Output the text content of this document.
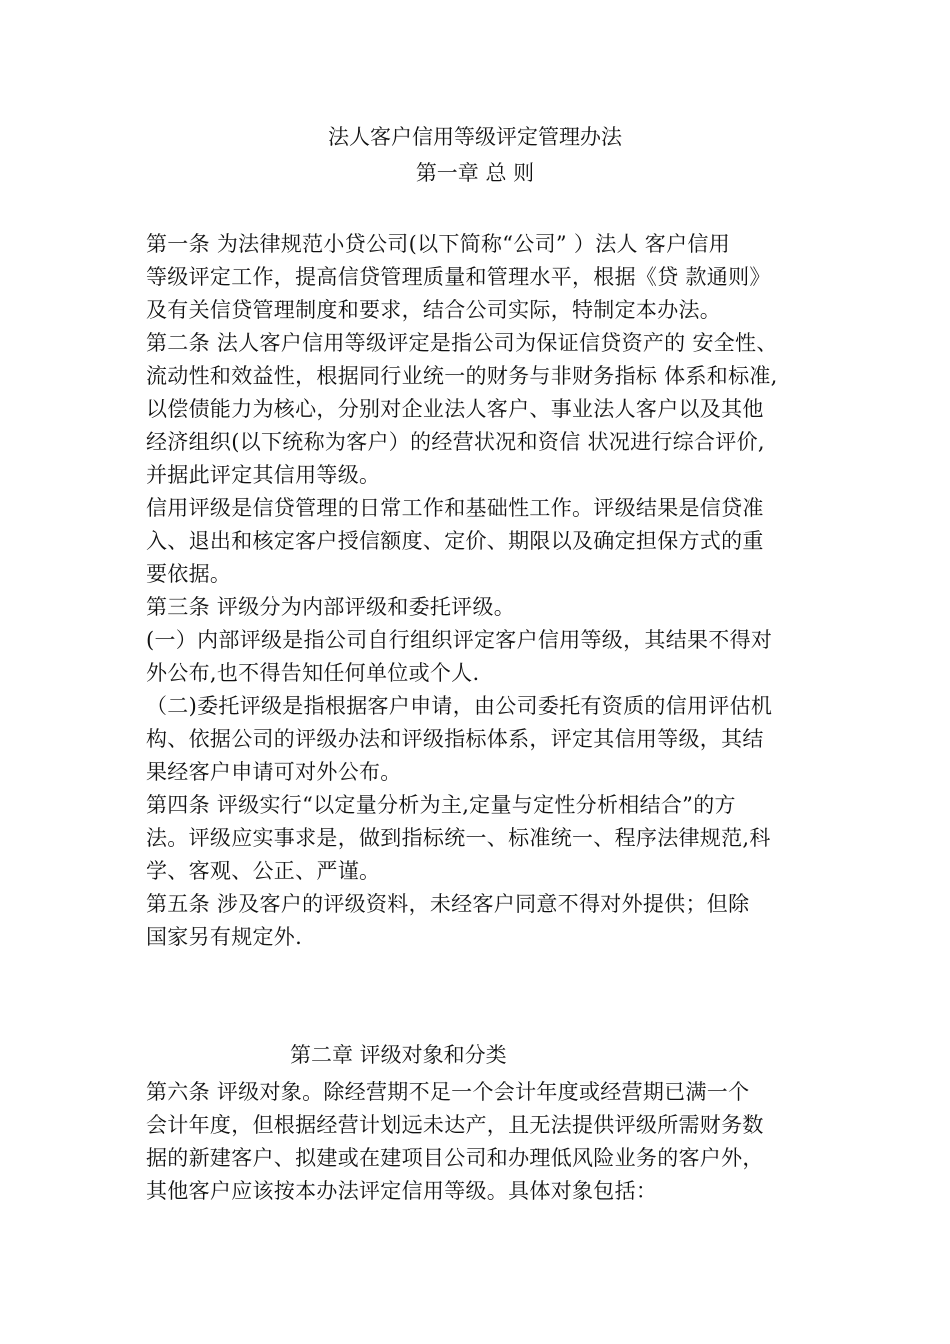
法人客户信用等级评定管理办法
第一章 总 则
第一条 为法律规范小贷公司(以下简称“公司” ）法人 客户信用
等级评定工作，提高信贷管理质量和管理水平，根据《贷 款通则》
及有关信贷管理制度和要求，结合公司实际，特制定本办法。
第二条 法人客户信用等级评定是指公司为保证信贷资产的 安全性、
流动性和效益性，根据同行业统一的财务与非财务指标 体系和标准,
以偿债能力为核心，分别对企业法人客户、事业法人客户以及其他
经济组织(以下统称为客户）的经营状况和资信 状况进行综合评价,
并据此评定其信用等级。
信用评级是信贷管理的日常工作和基础性工作。评级结果是信贷准
入、退出和核定客户授信额度、定价、期限以及确定担保方式的重
要依据。
第三条 评级分为内部评级和委托评级。
(一）内部评级是指公司自行组织评定客户信用等级，其结果不得对
外公布,也不得告知任何单位或个人.
（二)委托评级是指根据客户申请，由公司委托有资质的信用评估机
构、依据公司的评级办法和评级指标体系，评定其信用等级，其结
果经客户申请可对外公布。
第四条 评级实行“以定量分析为主,定量与定性分析相结合”的方
法。评级应实事求是，做到指标统一、标准统一、程序法律规范,科
学、客观、公正、严谨。
第五条 涉及客户的评级资料，未经客户同意不得对外提供；但除
国家另有规定外.
第二章 评级对象和分类
第六条 评级对象。除经营期不足一个会计年度或经营期已满一个
会计年度，但根据经营计划远未达产，且无法提供评级所需财务数
据的新建客户、拟建或在建项目公司和办理低风险业务的客户外，
其他客户应该按本办法评定信用等级。具体对象包括：
